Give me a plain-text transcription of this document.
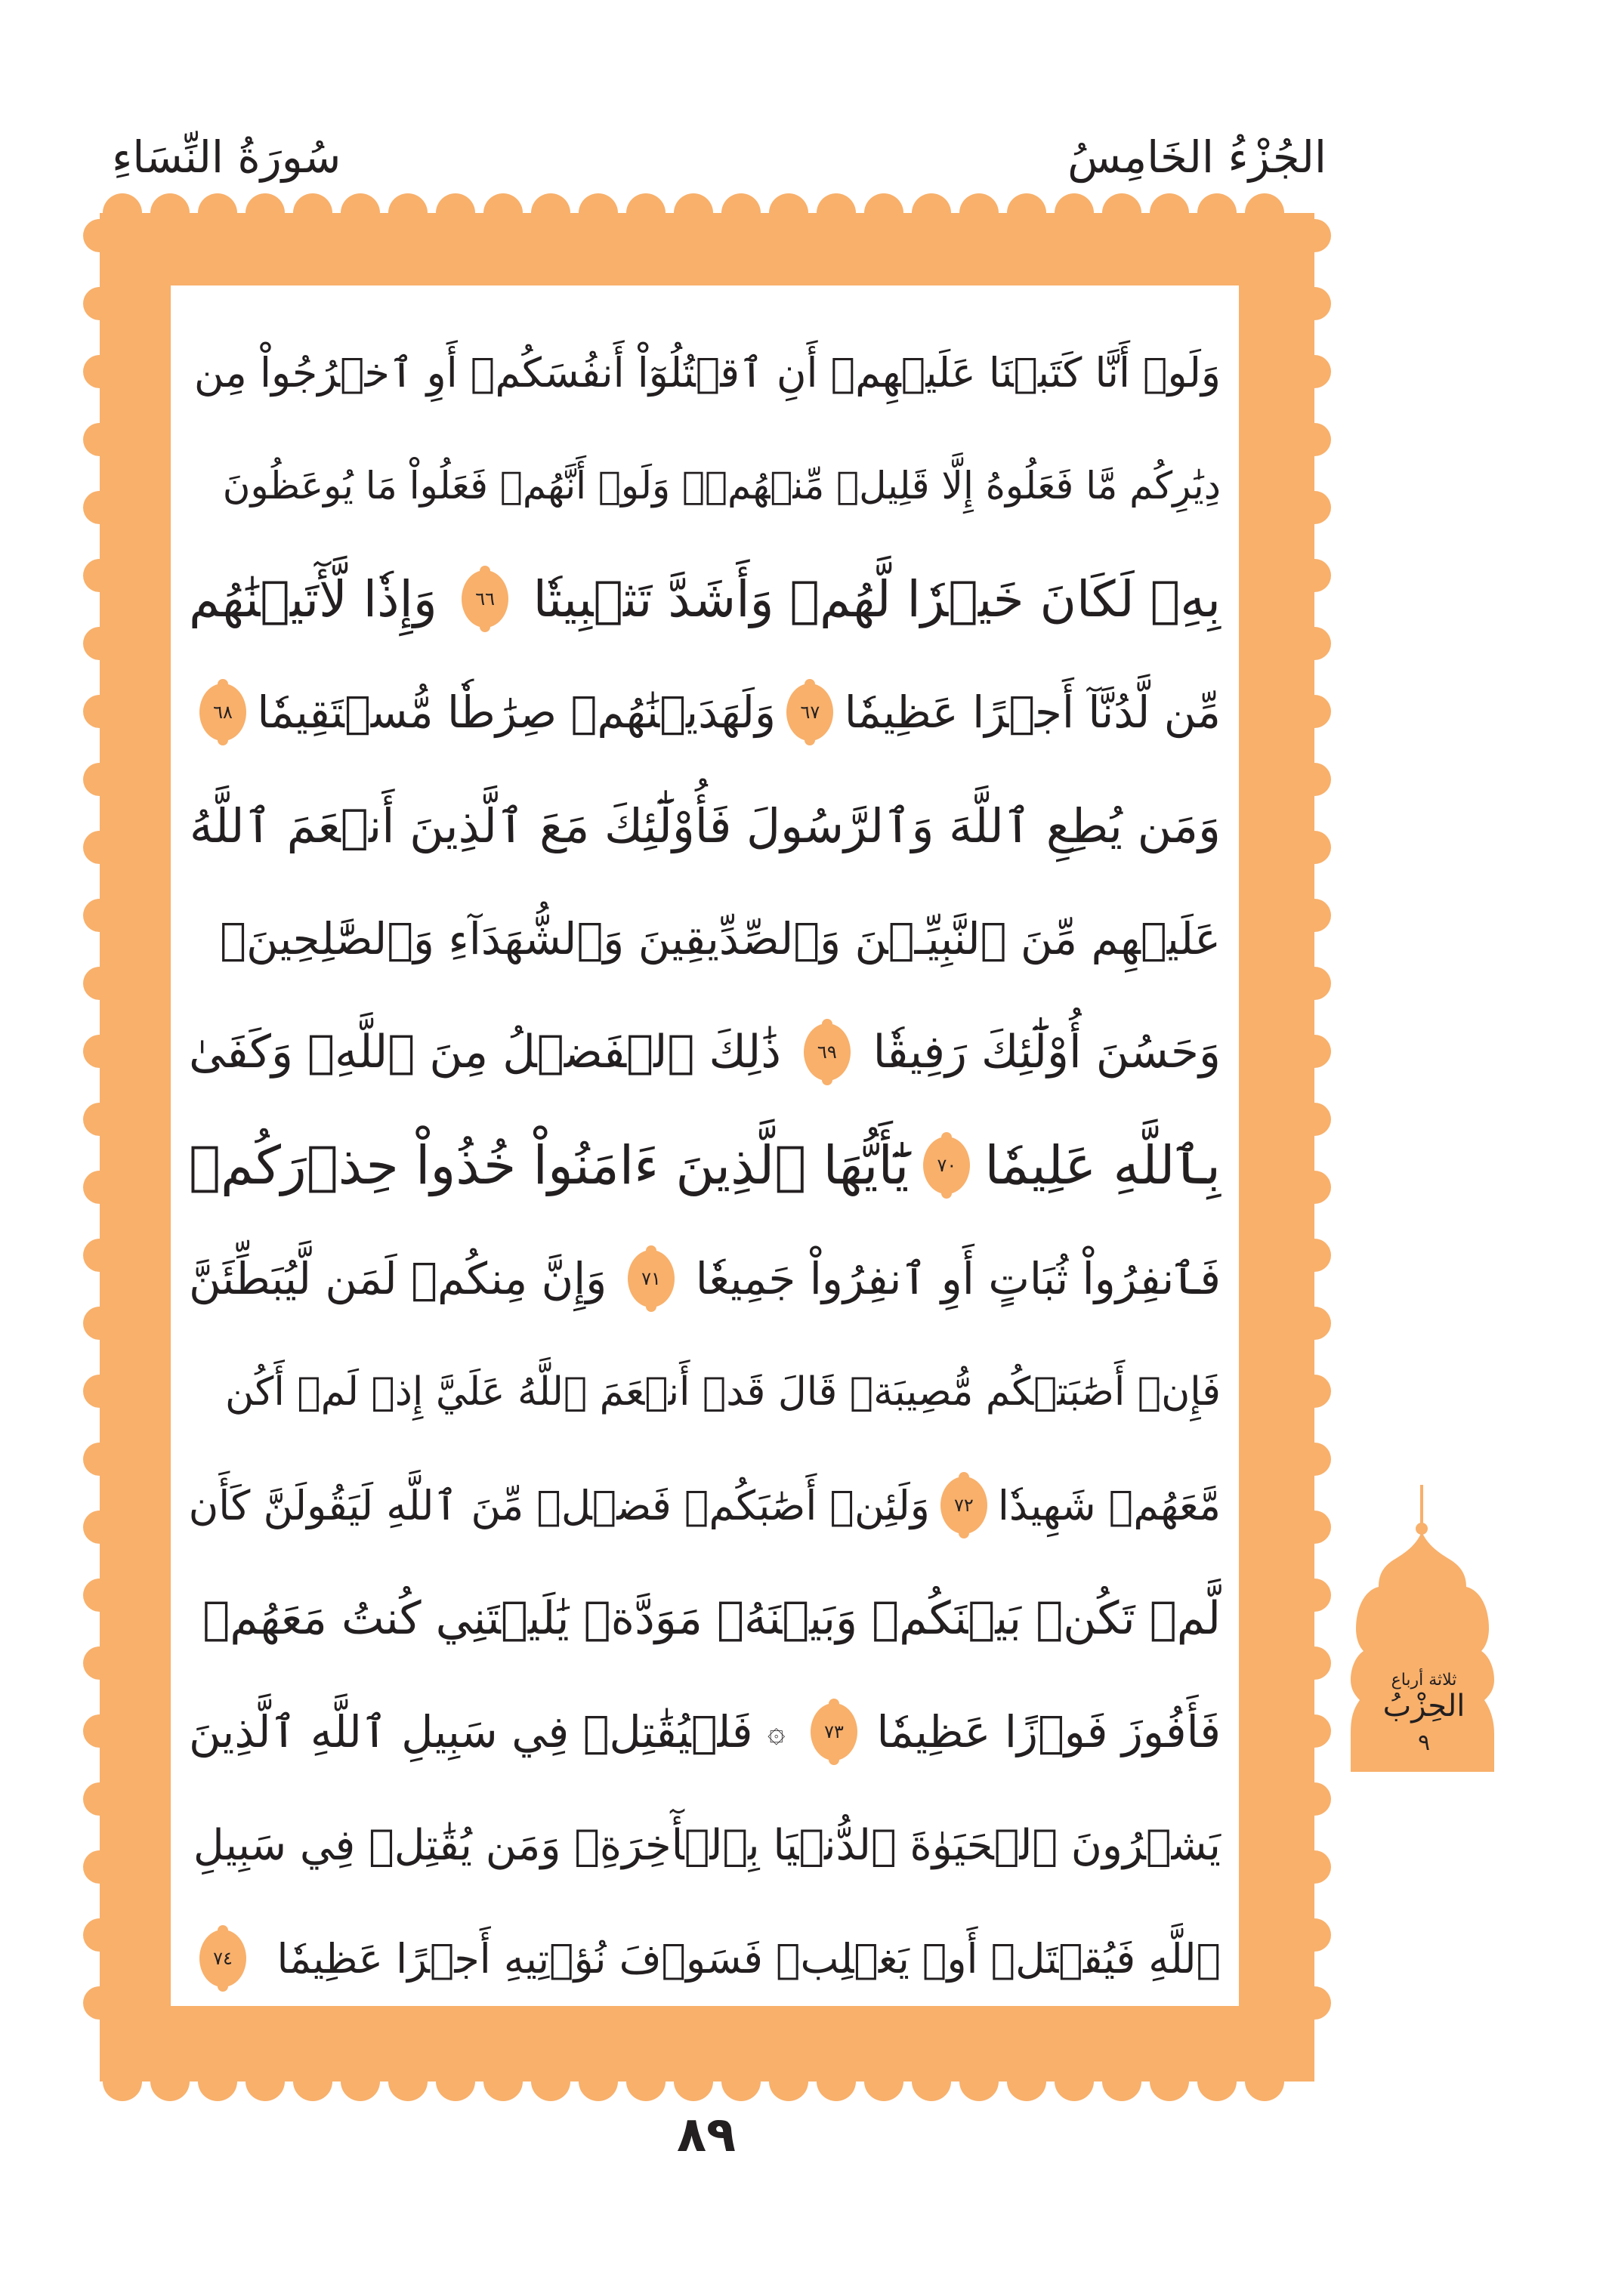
الجُزْءُ الخَامِسُ
سُورَةُ النِّسَاءِ
وَلَوۡ أَنَّا كَتَبۡنَا عَلَيۡهِمۡ أَنِ ٱقۡتُلُوٓاْ أَنفُسَكُمۡ أَوِ ٱخۡرُجُواْ مِن
دِيَٰرِكُم مَّا فَعَلُوهُ إِلَّا قَلِيلٞ مِّنۡهُمۡۖ وَلَوۡ أَنَّهُمۡ فَعَلُواْ مَا يُوعَظُونَ
بِهِۦ لَكَانَ خَيۡرٗا لَّهُمۡ وَأَشَدَّ تَثۡبِيتٗا
٦٦
وَإِذٗا لَّأٓتَيۡنَٰهُم
مِّن لَّدُنَّآ أَجۡرًا عَظِيمٗا
٦٧
وَلَهَدَيۡنَٰهُمۡ صِرَٰطٗا مُّسۡتَقِيمٗا
٦٨
وَمَن يُطِعِ ٱللَّهَ وَٱلرَّسُولَ فَأُوْلَٰٓئِكَ مَعَ ٱلَّذِينَ أَنۡعَمَ ٱللَّهُ
عَلَيۡهِم مِّنَ ٱلنَّبِيِّـۧنَ وَٱلصِّدِّيقِينَ وَٱلشُّهَدَآءِ وَٱلصَّٰلِحِينَۚ
وَحَسُنَ أُوْلَٰٓئِكَ رَفِيقٗا
٦٩
ذَٰلِكَ ٱلۡفَضۡلُ مِنَ ٱللَّهِۚ وَكَفَىٰ
بِٱللَّهِ عَلِيمٗا
٧٠
يَٰٓأَيُّهَا ٱلَّذِينَ ءَامَنُواْ خُذُواْ حِذۡرَكُمۡ
فَٱنفِرُواْ ثُبَاتٍ أَوِ ٱنفِرُواْ جَمِيعٗا
٧١
وَإِنَّ مِنكُمۡ لَمَن لَّيُبَطِّئَنَّ
فَإِنۡ أَصَٰبَتۡكُم مُّصِيبَةٞ قَالَ قَدۡ أَنۡعَمَ ٱللَّهُ عَلَيَّ إِذۡ لَمۡ أَكُن
مَّعَهُمۡ شَهِيدٗا
٧٢
وَلَئِنۡ أَصَٰبَكُمۡ فَضۡلٞ مِّنَ ٱللَّهِ لَيَقُولَنَّ كَأَن
لَّمۡ تَكُنۢ بَيۡنَكُمۡ وَبَيۡنَهُۥ مَوَدَّةٞ يَٰلَيۡتَنِي كُنتُ مَعَهُمۡ
فَأَفُوزَ فَوۡزًا عَظِيمٗا
٧٣
۞
فَلۡيُقَٰتِلۡ فِي سَبِيلِ ٱللَّهِ ٱلَّذِينَ
يَشۡرُونَ ٱلۡحَيَوٰةَ ٱلدُّنۡيَا بِٱلۡأٓخِرَةِۚ وَمَن يُقَٰتِلۡ فِي سَبِيلِ
ٱللَّهِ فَيُقۡتَلۡ أَوۡ يَغۡلِبۡ فَسَوۡفَ نُؤۡتِيهِ أَجۡرًا عَظِيمٗا
٧٤
ثلاثة أرباع
الحِزْبُ
٩
٨٩
